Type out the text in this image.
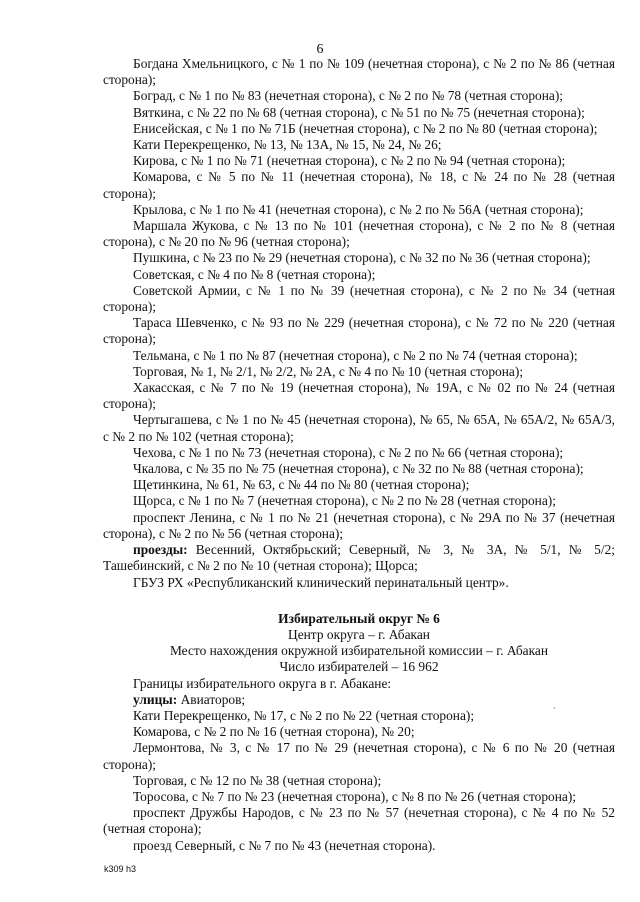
6

Богдана Хмельницкого, с № 1 по № 109 (нечетная сторона), с № 2 по № 86 (четная сторона);

Боград, с № 1 по № 83 (нечетная сторона), с № 2 по № 78 (четная сторона);

Вяткина, с № 22 по № 68 (четная сторона), с № 51 по № 75 (нечетная сторона);

Енисейская, с № 1 по № 71Б (нечетная сторона), с № 2 по № 80 (четная сторона);

Кати Перекрещенко, № 13, № 13А, № 15, № 24, № 26;

Кирова, с № 1 по № 71 (нечетная сторона), с № 2 по № 94 (четная сторона);

Комарова, с № 5 по № 11 (нечетная сторона), № 18, с № 24 по № 28 (четная сторона);

Крылова, с № 1 по № 41 (нечетная сторона), с № 2 по № 56А (четная сторона);

Маршала Жукова, с № 13 по № 101 (нечетная сторона), с № 2 по № 8 (четная сторона), с № 20 по № 96 (четная сторона);

Пушкина, с № 23 по № 29 (нечетная сторона), с № 32 по № 36 (четная сторона);

Советская, с № 4 по № 8 (четная сторона);

Советской Армии, с № 1 по № 39 (нечетная сторона), с № 2 по № 34 (четная сторона);

Тараса Шевченко, с № 93 по № 229 (нечетная сторона), с № 72 по № 220 (четная сторона);

Тельмана, с № 1 по № 87 (нечетная сторона), с № 2 по № 74 (четная сторона);

Торговая, № 1, № 2/1, № 2/2, № 2А, с № 4 по № 10 (четная сторона);

Хакасская, с № 7 по № 19 (нечетная сторона), № 19А, с № 02 по № 24 (четная сторона);

Чертыгашева, с № 1 по № 45 (нечетная сторона), № 65, № 65А, № 65А/2, № 65А/3, с № 2 по № 102 (четная сторона);

Чехова, с № 1 по № 73 (нечетная сторона), с № 2 по № 66 (четная сторона);

Чкалова, с № 35 по № 75 (нечетная сторона), с № 32 по № 88 (четная сторона);

Щетинкина, № 61, № 63, с № 44 по № 80 (четная сторона);

Щорса, с № 1 по № 7 (нечетная сторона), с № 2 по № 28 (четная сторона);

проспект Ленина, с № 1 по № 21 (нечетная сторона), с № 29А по № 37 (нечетная сторона), с № 2 по № 56 (четная сторона);

проезды: Весенний, Октябрьский; Северный, № 3, № 3А, № 5/1, № 5/2; Ташебинский, с № 2 по № 10 (четная сторона); Щорса;

ГБУЗ РХ «Республиканский клинический перинатальный центр».

Избирательный округ № 6

Центр округа – г. Абакан

Место нахождения окружной избирательной комиссии – г. Абакан

Число избирателей – 16 962

Границы избирательного округа в г. Абакане:

улицы: Авиаторов;

Кати Перекрещенко, № 17, с № 2 по № 22 (четная сторона);

Комарова, с № 2 по № 16 (четная сторона), № 20;

Лермонтова, № 3, с № 17 по № 29 (нечетная сторона), с № 6 по № 20 (четная сторона);

Торговая, с № 12 по № 38 (четная сторона);

Торосова, с № 7 по № 23 (нечетная сторона), с № 8 по № 26 (четная сторона);

проспект Дружбы Народов, с № 23 по № 57 (нечетная сторона), с № 4 по № 52 (четная сторона);

проезд Северный, с № 7 по № 43 (нечетная сторона).

ˎ
k309 h3
